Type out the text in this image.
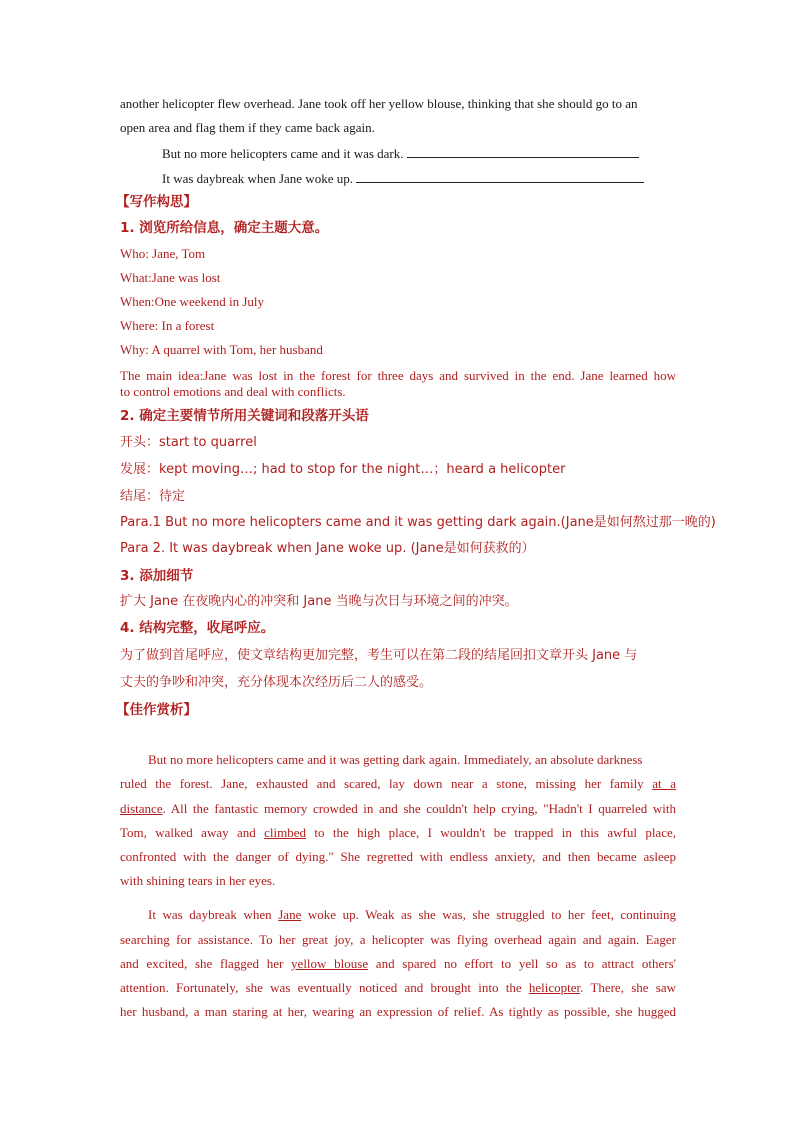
another helicopter flew overhead. Jane took off her yellow blouse, thinking that she should go to an
open area and flag them if they came back again.
But no more helicopters came and it was dark.
It was daybreak when Jane woke up.
【写作构思】
1. 浏览所给信息，确定主题大意。
Who: Jane, Tom
What:Jane was lost
When:One weekend in July
Where: In a forest
Why: A quarrel with Tom, her husband
The main idea:Jane was lost in the forest for three days and survived in the end. Jane learned how
to control emotions and deal with conflicts.
2. 确定主要情节所用关键词和段落开头语
开头：start to quarrel
发展：kept moving…; had to stop for the night…；heard a helicopter
结尾：待定
Para.1 But no more helicopters came and it was getting dark again.(Jane是如何熬过那一晚的)
Para 2. It was daybreak when Jane woke up. (Jane是如何获救的）
3. 添加细节
扩大 Jane 在夜晚内心的冲突和 Jane 当晚与次日与环境之间的冲突。
4. 结构完整，收尾呼应。
为了做到首尾呼应，使文章结构更加完整，考生可以在第二段的结尾回扣文章开头 Jane 与
丈夫的争吵和冲突，充分体现本次经历后二人的感受。
【佳作赏析】
But no more helicopters came and it was getting dark again. Immediately, an absolute darkness
ruled the forest. Jane, exhausted and scared, lay down near a stone, missing her family at a
distance. All the fantastic memory crowded in and she couldn't help crying, "Hadn't I quarreled with
Tom, walked away and climbed to the high place, I wouldn't be trapped in this awful place,
confronted with the danger of dying." She regretted with endless anxiety, and then became asleep
with shining tears in her eyes.
It was daybreak when Jane woke up. Weak as she was, she struggled to her feet, continuing
searching for assistance. To her great joy, a helicopter was flying overhead again and again. Eager
and excited, she flagged her yellow blouse and spared no effort to yell so as to attract others'
attention. Fortunately, she was eventually noticed and brought into the helicopter. There, she saw
her husband, a man staring at her, wearing an expression of relief. As tightly as possible, she hugged
